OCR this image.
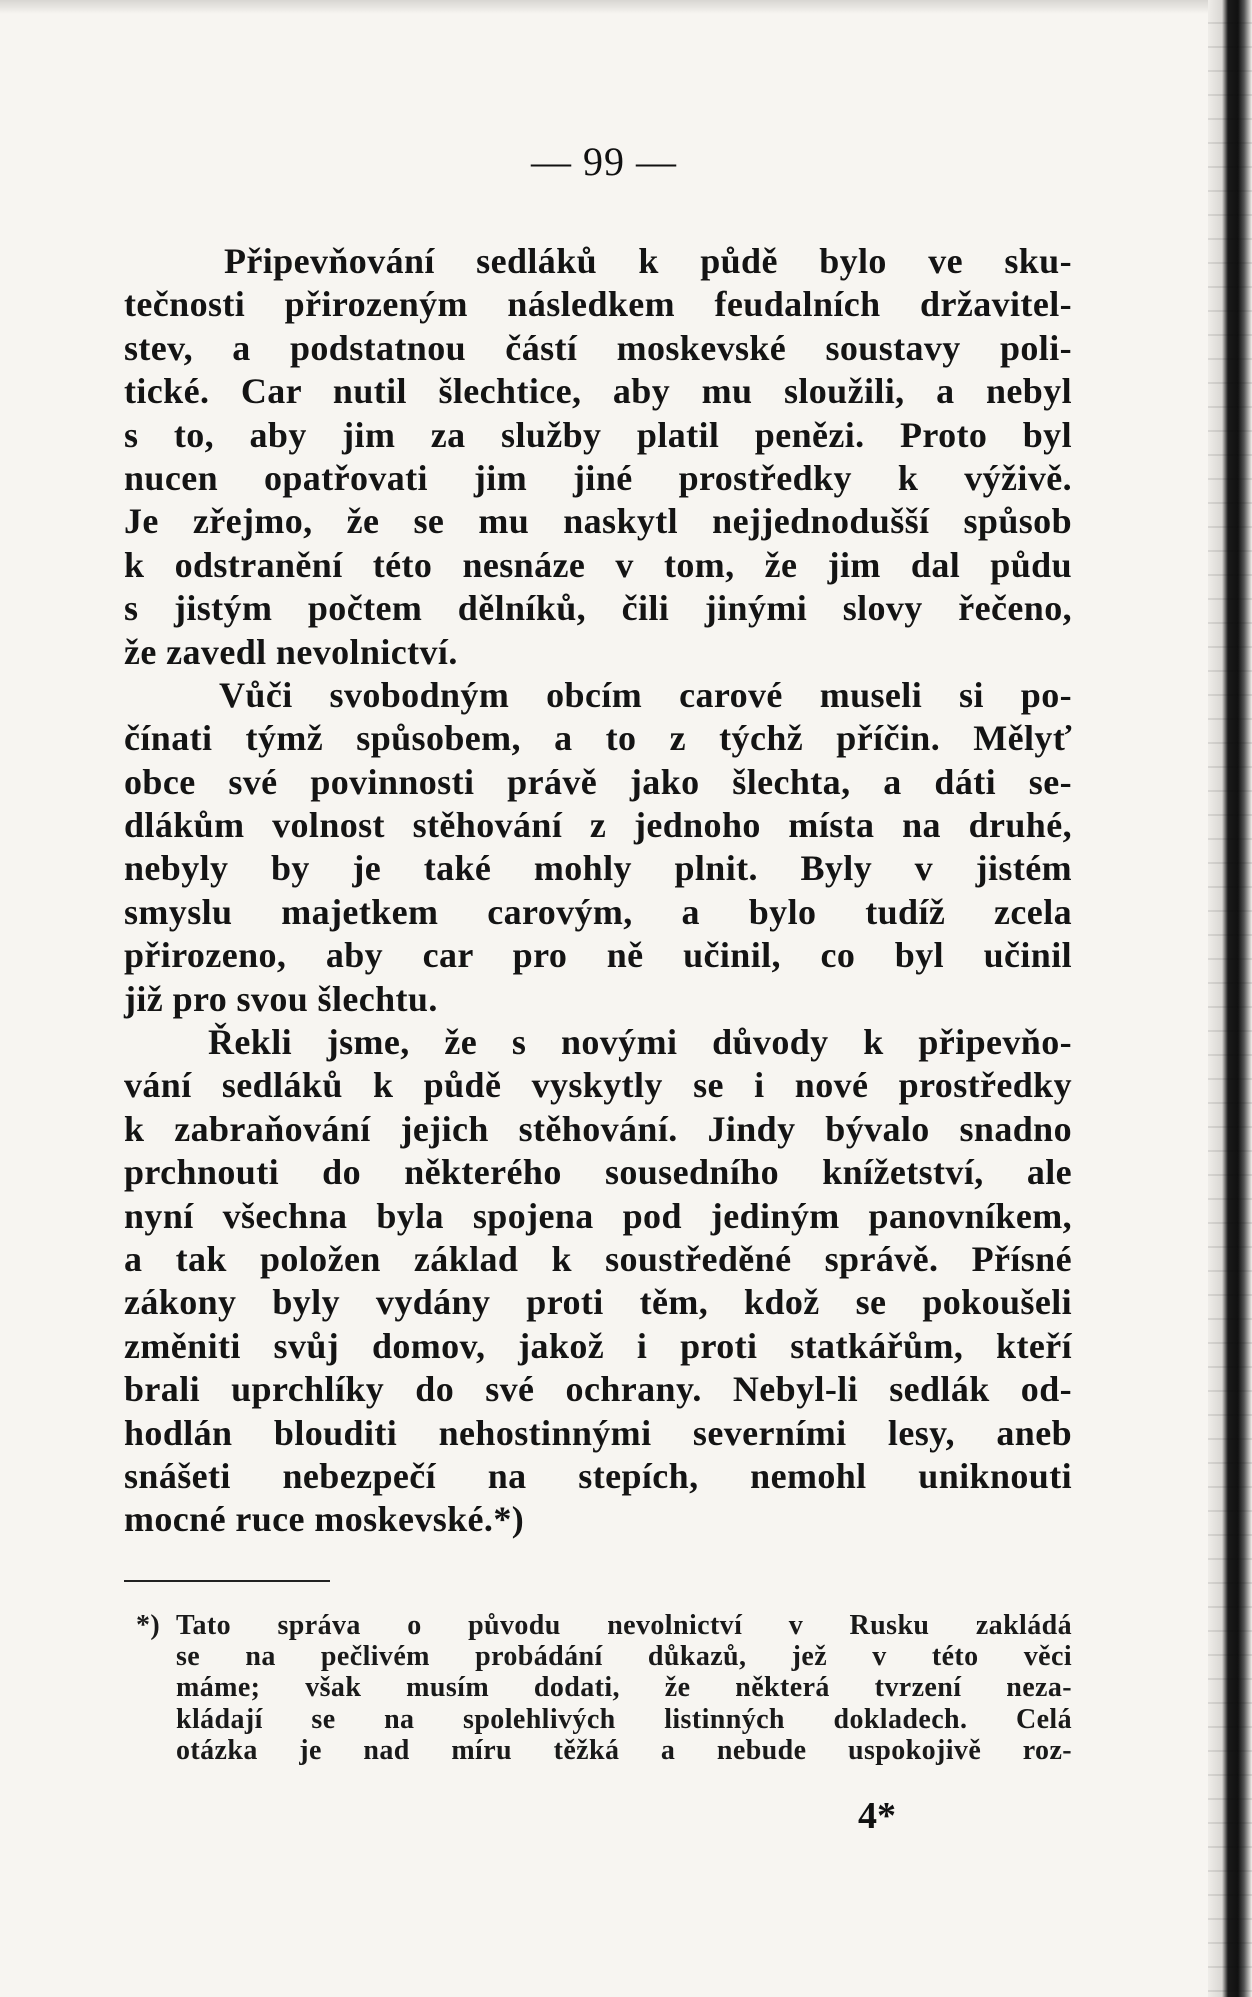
— 99 —
Připevňování sedláků k půdě bylo ve sku-
tečnosti přirozeným následkem feudalních državitel-
stev, a podstatnou částí moskevské soustavy poli-
tické. Car nutil šlechtice, aby mu sloužili, a nebyl
s to, aby jim za služby platil penězi. Proto byl
nucen opatřovati jim jiné prostředky k výživě.
Je zřejmo, že se mu naskytl nejjednodušší spůsob
k odstranění této nesnáze v tom, že jim dal půdu
s jistým počtem dělníků, čili jinými slovy řečeno,
že zavedl nevolnictví.
Vůči svobodným obcím carové museli si po-
čínati týmž spůsobem, a to z týchž příčin. Mělyť
obce své povinnosti právě jako šlechta, a dáti se-
dlákům volnost stěhování z jednoho místa na druhé,
nebyly by je také mohly plnit. Byly v jistém
smyslu majetkem carovým, a bylo tudíž zcela
přirozeno, aby car pro ně učinil, co byl učinil
již pro svou šlechtu.
Řekli jsme, že s novými důvody k připevňo-
vání sedláků k půdě vyskytly se i nové prostředky
k zabraňování jejich stěhování. Jindy bývalo snadno
prchnouti do některého sousedního knížetství, ale
nyní všechna byla spojena pod jediným panovníkem,
a tak položen základ k soustředěné správě. Přísné
zákony byly vydány proti těm, kdož se pokoušeli
změniti svůj domov, jakož i proti statkářům, kteří
brali uprchlíky do své ochrany. Nebyl-li sedlák od-
hodlán blouditi nehostinnými severními lesy, aneb
snášeti nebezpečí na stepích, nemohl uniknouti
mocné ruce moskevské.*)
*) Tato správa o původu nevolnictví v Rusku zakládá
se na pečlivém probádání důkazů, jež v této věci
máme; však musím dodati, že některá tvrzení neza-
kládají se na spolehlivých listinných dokladech. Celá
otázka je nad míru těžká a nebude uspokojivě roz-
4*
